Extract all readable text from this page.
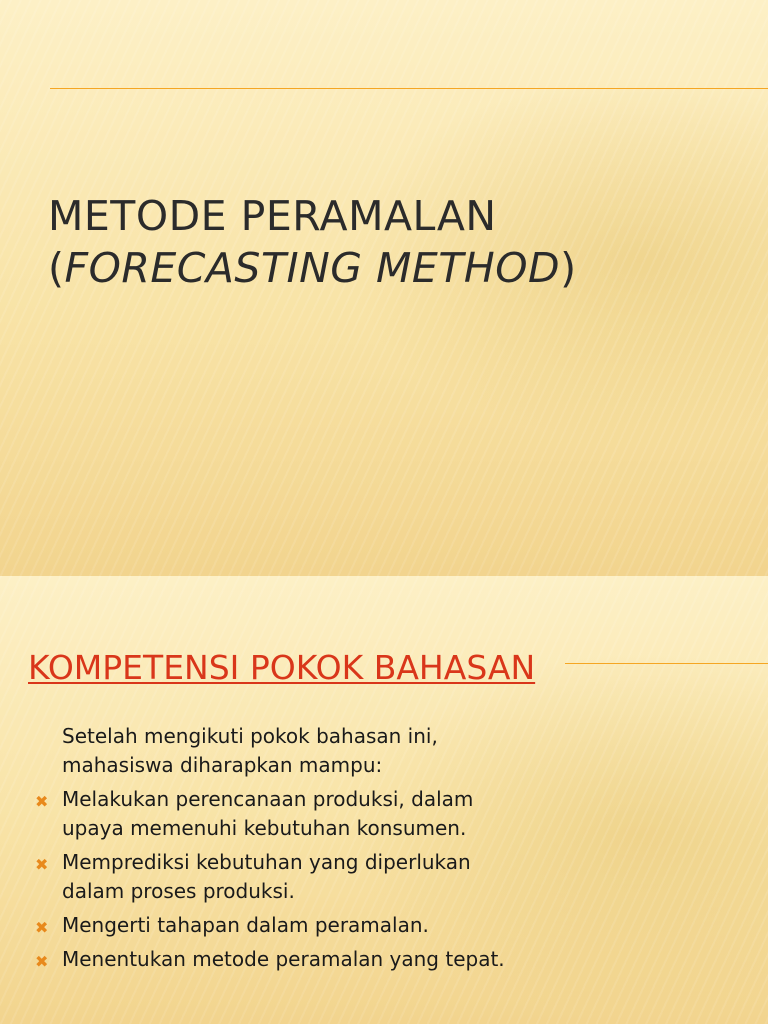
METODE PERAMALAN
(FORECASTING METHOD)
KOMPETENSI POKOK BAHASAN
Setelah mengikuti pokok bahasan ini,
mahasiswa diharapkan mampu:
✖ Melakukan perencanaan produksi, dalam
upaya memenuhi kebutuhan konsumen.
✖ Memprediksi kebutuhan yang diperlukan
dalam proses produksi.
✖ Mengerti tahapan dalam peramalan.
✖ Menentukan metode peramalan yang tepat.
